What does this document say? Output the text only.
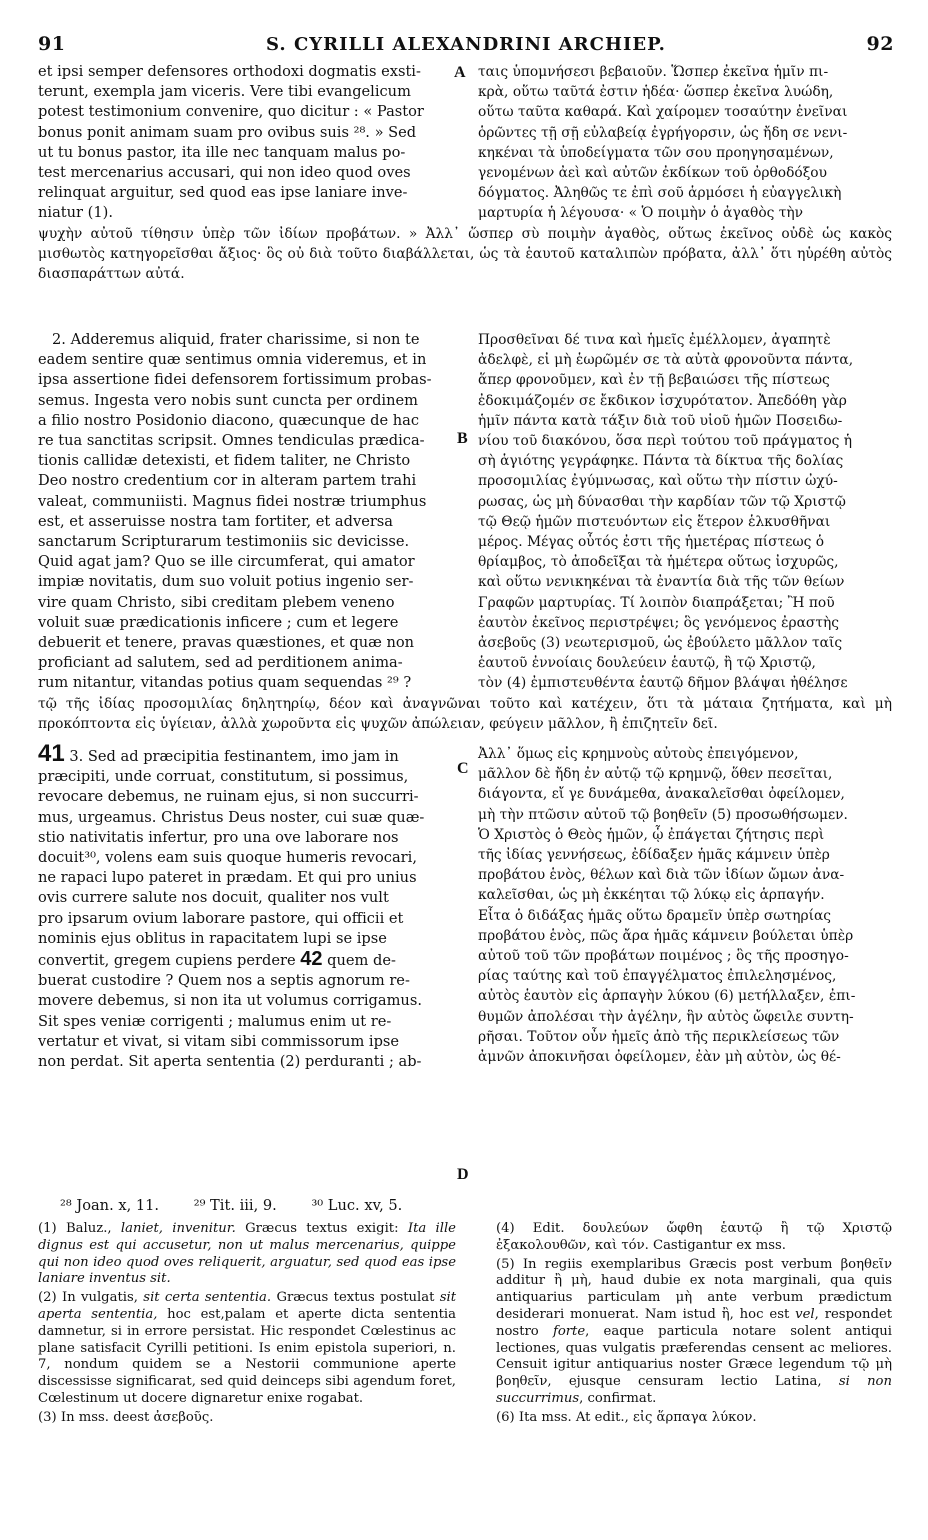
91	S. CYRILLI ALEXANDRINI ARCHIEP.	92

et ipsi semper defensores orthodoxi dogmatis exsti-

terunt, exempla jam viceris. Vere tibi evangelicum

potest testimonium convenire, quo dicitur : « Pastor

bonus ponit animam suam pro ovibus suis ²⁸. » Sed

ut tu bonus pastor, ita ille nec tanquam malus po-

test mercenarius accusari, qui non ideo quod oves

relinquat arguitur, sed quod eas ipse laniare inve-

niatur (1).

A ταις ὑπομνήσεσι βεβαιοῦν. Ὥσπερ ἐκεῖνα ἡμῖν πι-

κρὰ, οὕτω ταῦτά ἐστιν ἡδέα· ὥσπερ ἐκεῖνα λυώδη,

οὕτω ταῦτα καθαρά. Καὶ χαίρομεν τοσαύτην ἐνεῖναι

ὁρῶντες τῇ σῇ εὐλαβείᾳ ἐγρήγορσιν, ὡς ἤδη σε νενι-

κηκέναι τὰ ὑποδείγματα τῶν σου προηγησαμένων,

γενομένων ἀεὶ καὶ αὐτῶν ἐκδίκων τοῦ ὀρθοδόξου

δόγματος. Ἀληθῶς τε ἐπὶ σοῦ ἁρμόσει ἡ εὐαγγελικὴ

μαρτυρία ἡ λέγουσα· « Ὁ ποιμὴν ὁ ἀγαθὸς τὴν

ψυχὴν αὐτοῦ τίθησιν ὑπὲρ τῶν ἰδίων προβάτων. » Ἀλλ᾽ ὥσπερ σὺ ποιμὴν ἀγαθὸς, οὕτως ἐκεῖνος οὐδὲ ὡς κακὸς μισθωτὸς κατηγορεῖσθαι ἄξιος· ὃς οὐ διὰ τοῦτο διαβάλλεται, ὡς τὰ ἑαυτοῦ καταλιπὼν πρόβατα, ἀλλ᾽ ὅτι ηὑρέθη αὐτὸς διασπαράττων αὐτά.

2. Adderemus aliquid, frater charissime, si non te

eadem sentire quæ sentimus omnia videremus, et in

ipsa assertione fidei defensorem fortissimum probas-

semus. Ingesta vero nobis sunt cuncta per ordinem

a filio nostro Posidonio diacono, quæcunque de hac

re tua sanctitas scripsit. Omnes tendiculas prædica-

tionis callidæ detexisti, et fidem taliter, ne Christo

Deo nostro credentium cor in alteram partem trahi

valeat, communiisti. Magnus fidei nostræ triumphus

est, et asseruisse nostra tam fortiter, et adversa

sanctarum Scripturarum testimoniis sic devicisse.

Quid agat jam? Quo se ille circumferat, qui amator

impiæ novitatis, dum suo voluit potius ingenio ser-

vire quam Christo, sibi creditam plebem veneno

voluit suæ prædicationis inficere ; cum et legere

debuerit et tenere, pravas quæstiones, et quæ non

proficiant ad salutem, sed ad perditionem anima-

rum nitantur, vitandas potius quam sequendas ²⁹ ?

B

Προσθεῖναι δέ τινα καὶ ἡμεῖς ἐμέλλομεν, ἀγαπητὲ

ἀδελφὲ, εἰ μὴ ἑωρῶμέν σε τὰ αὐτὰ φρονοῦντα πάντα,

ἅπερ φρονοῦμεν, καὶ ἐν τῇ βεβαιώσει τῆς πίστεως

ἐδοκιμάζομέν σε ἔκδικον ἰσχυρότατον. Ἀπεδόθη γὰρ

ἡμῖν πάντα κατὰ τάξιν διὰ τοῦ υἱοῦ ἡμῶν Ποσειδω-

νίου τοῦ διακόνου, ὅσα περὶ τούτου τοῦ πράγματος ἡ

σὴ ἁγιότης γεγράφηκε. Πάντα τὰ δίκτυα τῆς δολίας

προσομιλίας ἐγύμνωσας, καὶ οὕτω τὴν πίστιν ὠχύ-

ρωσας, ὡς μὴ δύνασθαι τὴν καρδίαν τῶν τῷ Χριστῷ

τῷ Θεῷ ἡμῶν πιστευόντων εἰς ἕτερον ἑλκυσθῆναι

μέρος. Μέγας οὗτός ἐστι τῆς ἡμετέρας πίστεως ὁ

θρίαμβος, τὸ ἀποδεῖξαι τὰ ἡμέτερα οὕτως ἰσχυρῶς,

καὶ οὕτω νενικηκέναι τὰ ἐναντία διὰ τῆς τῶν θείων

Γραφῶν μαρτυρίας. Τί λοιπὸν διαπράξεται; Ἢ ποῦ

ἑαυτὸν ἐκεῖνος περιστρέψει; ὃς γενόμενος ἐραστὴς

ἀσεβοῦς (3) νεωτερισμοῦ, ὡς ἐβούλετο μᾶλλον ταῖς

ἑαυτοῦ ἐννοίαις δουλεύειν ἑαυτῷ, ἢ τῷ Χριστῷ,

τὸν (4) ἐμπιστευθέντα ἑαυτῷ δῆμον βλάψαι ἠθέλησε

τῷ τῆς ἰδίας προσομιλίας δηλητηρίῳ, δέον καὶ ἀναγνῶναι τοῦτο καὶ κατέχειν, ὅτι τὰ μάταια ζητήματα, καὶ μὴ προκόπτοντα εἰς ὑγίειαν, ἀλλὰ χωροῦντα εἰς ψυχῶν ἀπώλειαν, φεύγειν μᾶλλον, ἢ ἐπιζητεῖν δεῖ.

41 3. Sed ad præcipitia festinantem, imo jam in

præcipiti, unde corruat, constitutum, si possimus,

revocare debemus, ne ruinam ejus, si non succurri-

mus, urgeamus. Christus Deus noster, cui suæ quæ-

stio nativitatis infertur, pro una ove laborare nos

docuit³⁰, volens eam suis quoque humeris revocari,

ne rapaci lupo pateret in prædam. Et qui pro unius

ovis currere salute nos docuit, qualiter nos vult

pro ipsarum ovium laborare pastore, qui officii et

nominis ejus oblitus in rapacitatem lupi se ipse

convertit, gregem cupiens perdere 42 quem de-

buerat custodire ? Quem nos a septis agnorum re-

movere debemus, si non ita ut volumus corrigamus.

Sit spes veniæ corrigenti ; malumus enim ut re-

vertatur et vivat, si vitam sibi commissorum ipse

non perdat. Sit aperta sententia (2) perduranti ; ab-

C
D

Ἀλλ᾽ ὅμως εἰς κρημνοὺς αὐτοὺς ἐπειγόμενον,

μᾶλλον δὲ ἤδη ἐν αὐτῷ τῷ κρημνῷ, ὅθεν πεσεῖται,

διάγοντα, εἴ γε δυνάμεθα, ἀνακαλεῖσθαι ὀφείλομεν,

μὴ τὴν πτῶσιν αὐτοῦ τῷ βοηθεῖν (5) προσωθήσωμεν.

Ὁ Χριστὸς ὁ Θεὸς ἡμῶν, ᾧ ἐπάγεται ζήτησις περὶ

τῆς ἰδίας γεννήσεως, ἐδίδαξεν ἡμᾶς κάμνειν ὑπὲρ

προβάτου ἑνὸς, θέλων καὶ διὰ τῶν ἰδίων ὤμων ἀνα-

καλεῖσθαι, ὡς μὴ ἐκκέηται τῷ λύκῳ εἰς ἁρπαγήν.

Εἶτα ὁ διδάξας ἡμᾶς οὕτω δραμεῖν ὑπὲρ σωτηρίας

προβάτου ἑνὸς, πῶς ἄρα ἡμᾶς κάμνειν βούλεται ὑπὲρ

αὐτοῦ τοῦ τῶν προβάτων ποιμένος ; ὃς τῆς προσηγο-

ρίας ταύτης καὶ τοῦ ἐπαγγέλματος ἐπιλελησμένος,

αὐτὸς ἑαυτὸν εἰς ἁρπαγὴν λύκου (6) μετήλλαξεν, ἐπι-

θυμῶν ἀπολέσαι τὴν ἀγέλην, ἣν αὐτὸς ὤφειλε συντη-

ρῆσαι. Τοῦτον οὖν ἡμεῖς ἀπὸ τῆς περικλείσεως τῶν

ἀμνῶν ἀποκινῆσαι ὀφείλομεν, ἐὰν μὴ αὐτὸν, ὡς θέ-

²⁸ Joan. x, 11. ²⁹ Tit. iii, 9. ³⁰ Luc. xv, 5.

(1) Baluz., laniet, invenitur. Græcus textus exigit: Ita ille dignus est qui accusetur, non ut malus mercenarius, quippe qui non ideo quod oves reliquerit, arguatur, sed quod eas ipse laniare inventus sit.

(2) In vulgatis, sit certa sententia. Græcus textus postulat sit aperta sententia, hoc est,palam et aperte dicta sententia damnetur, si in errore persistat. Hic respondet Cœlestinus ac plane satisfacit Cyrilli petitioni. Is enim epistola superiori, n. 7, nondum quidem se a Nestorii communione aperte discessisse significarat, sed quid deinceps sibi agendum foret, Cœlestinum ut docere dignaretur enixe rogabat.

(3) In mss. deest ἀσεβοῦς.

(4) Edit. δουλεύων ὤφθη ἑαυτῷ ἢ τῷ Χριστῷ ἐξακολουθῶν, καὶ τόν. Castigantur ex mss.

(5) In regiis exemplaribus Græcis post verbum βοηθεῖν additur ἢ μὴ, haud dubie ex nota marginali, qua quis antiquarius particulam μὴ ante verbum prædictum desiderari monuerat. Nam istud ἢ, hoc est vel, respondet nostro forte, eaque particula notare solent antiqui lectiones, quas vulgatis præferendas censent ac meliores. Censuit igitur antiquarius noster Græce legendum τῷ μὴ βοηθεῖν, ejusque censuram lectio Latina, si non succurrimus, confirmat.

(6) Ita mss. At edit., εἰς ἅρπαγα λύκον.
